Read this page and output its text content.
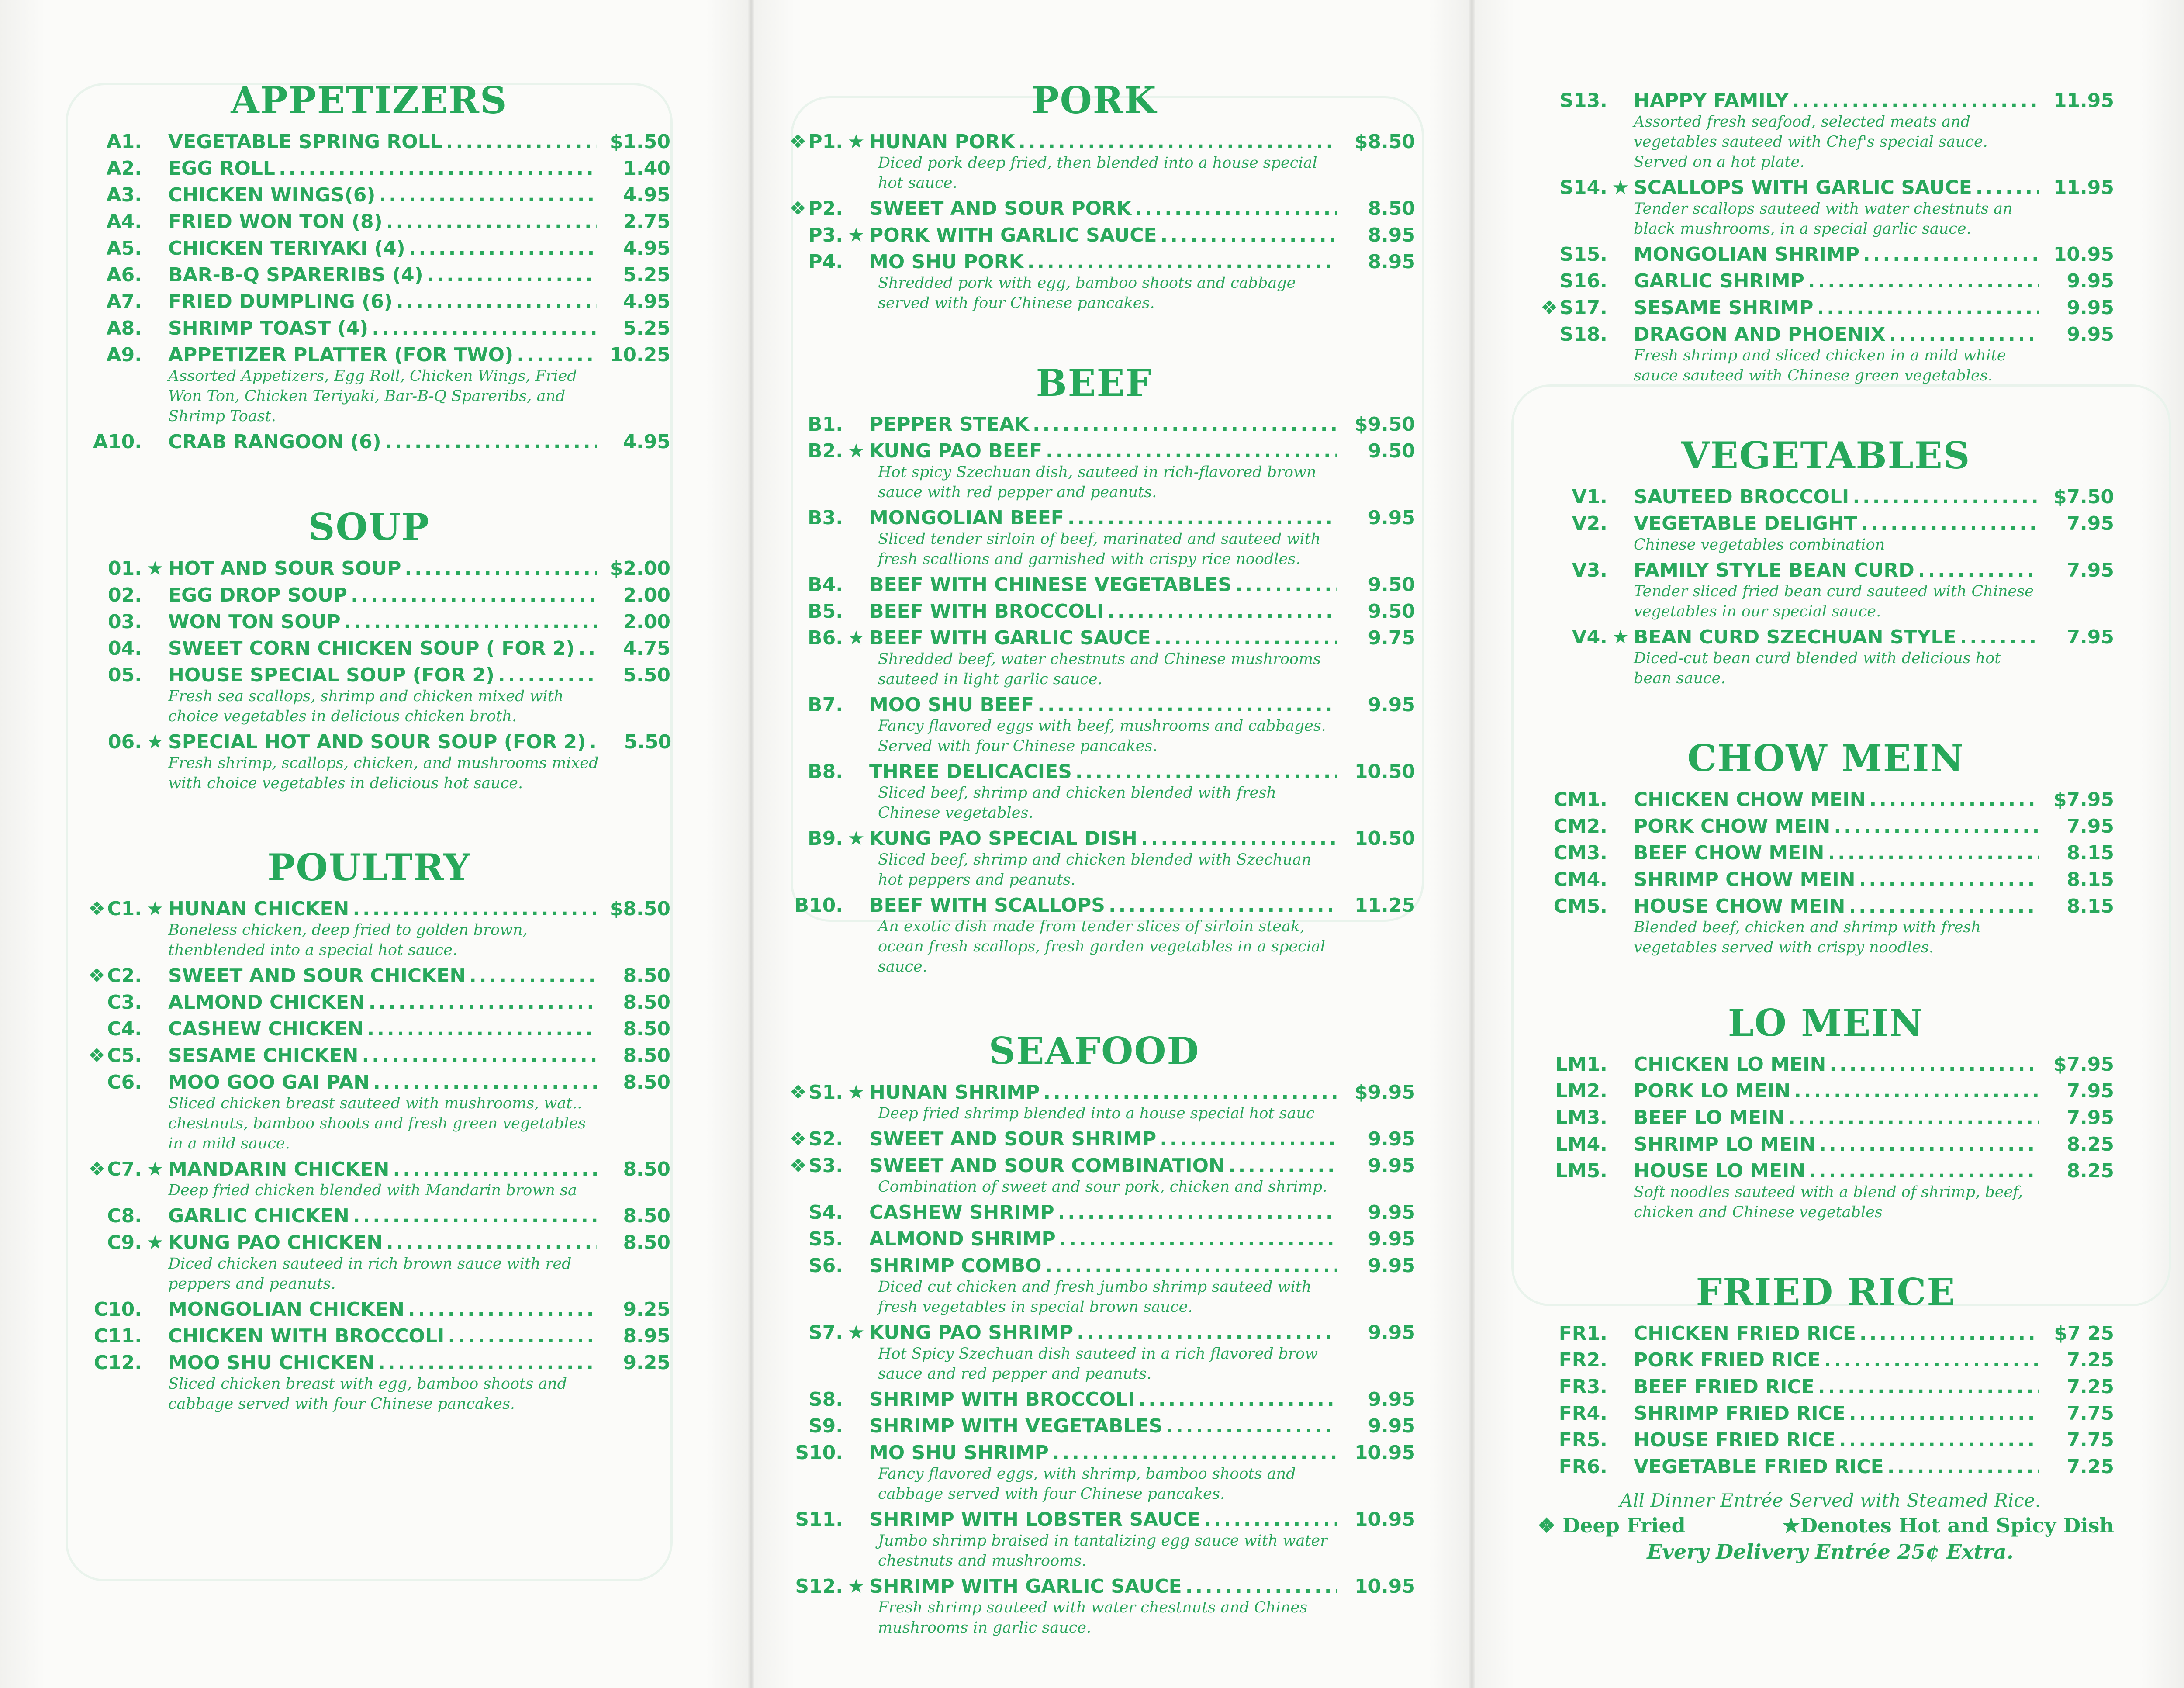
APPETIZERS
A1. VEGETABLE SPRING ROLL .....	$1.50
A2. EGG ROLL .....	1.40
A3. CHICKEN WINGS(6) .....	4.95
A4. FRIED WON TON (8) .....	2.75
A5. CHICKEN TERIYAKI (4) .....	4.95
A6. BAR-B-Q SPARERIBS (4) .....	5.25
A7. FRIED DUMPLING (6) .....	4.95
A8. SHRIMP TOAST (4) .....	5.25
A9. APPETIZER PLATTER (FOR TWO) .....	10.25
Assorted Appetizers, Egg Roll, Chicken Wings, Fried Won Ton, Chicken Teriyaki, Bar-B-Q Spareribs, and Shrimp Toast.
A10. CRAB RANGOON (6) .....	4.95
SOUP
01. ★ HOT AND SOUR SOUP .....	$2.00
02. EGG DROP SOUP .....	2.00
03. WON TON SOUP .....	2.00
04. SWEET CORN CHICKEN SOUP ( FOR 2) .....	4.75
05. HOUSE SPECIAL SOUP (FOR 2) .....	5.50
Fresh sea scallops, shrimp and chicken mixed with choice vegetables in delicious chicken broth.
06. ★ SPECIAL HOT AND SOUR SOUP (FOR 2) .....	5.50
Fresh shrimp, scallops, chicken, and mushrooms mixed with choice vegetables in delicious hot sauce.
POULTRY
❖C1. ★ HUNAN CHICKEN .....	$8.50
Boneless chicken, deep fried to golden brown, thenblended into a special hot sauce.
❖C2. SWEET AND SOUR CHICKEN .....	8.50
C3. ALMOND CHICKEN .....	8.50
C4. CASHEW CHICKEN .....	8.50
❖C5. SESAME CHICKEN .....	8.50
C6. MOO GOO GAI PAN .....	8.50
Sliced chicken breast sauteed with mushrooms, wat.. chestnuts, bamboo shoots and fresh green vegetables in a mild sauce.
❖C7. ★ MANDARIN CHICKEN .....	8.50
Deep fried chicken blended with Mandarin brown sa
C8. GARLIC CHICKEN .....	8.50
C9. ★ KUNG PAO CHICKEN .....	8.50
Diced chicken sauteed in rich brown sauce with red peppers and peanuts.
C10. MONGOLIAN CHICKEN .....	9.25
C11. CHICKEN WITH BROCCOLI .....	8.95
C12. MOO SHU CHICKEN .....	9.25
Sliced chicken breast with egg, bamboo shoots and cabbage served with four Chinese pancakes.
PORK
❖P1. ★ HUNAN PORK .....	$8.50
Diced pork deep fried, then blended into a house special hot sauce.
❖P2. SWEET AND SOUR PORK .....	8.50
P3. ★ PORK WITH GARLIC SAUCE .....	8.95
P4. MO SHU PORK .....	8.95
Shredded pork with egg, bamboo shoots and cabbage served with four Chinese pancakes.
BEEF
B1. PEPPER STEAK .....	$9.50
B2. ★ KUNG PAO BEEF .....	9.50
Hot spicy Szechuan dish, sauteed in rich-flavored brown sauce with red pepper and peanuts.
B3. MONGOLIAN BEEF .....	9.95
Sliced tender sirloin of beef, marinated and sauteed with fresh scallions and garnished with crispy rice noodles.
B4. BEEF WITH CHINESE VEGETABLES .....	9.50
B5. BEEF WITH BROCCOLI .....	9.50
B6. ★ BEEF WITH GARLIC SAUCE .....	9.75
Shredded beef, water chestnuts and Chinese mushrooms sauteed in light garlic sauce.
B7. MOO SHU BEEF .....	9.95
Fancy flavored eggs with beef, mushrooms and cabbages. Served with four Chinese pancakes.
B8. THREE DELICACIES .....	10.50
Sliced beef, shrimp and chicken blended with fresh Chinese vegetables.
B9. ★ KUNG PAO SPECIAL DISH .....	10.50
Sliced beef, shrimp and chicken blended with Szechuan hot peppers and peanuts.
B10. BEEF WITH SCALLOPS .....	11.25
An exotic dish made from tender slices of sirloin steak, ocean fresh scallops, fresh garden vegetables in a special sauce.
SEAFOOD
❖S1. ★ HUNAN SHRIMP .....	$9.95
Deep fried shrimp blended into a house special hot sauc
❖S2. SWEET AND SOUR SHRIMP .....	9.95
❖S3. SWEET AND SOUR COMBINATION .....	9.95
Combination of sweet and sour pork, chicken and shrimp.
S4. CASHEW SHRIMP .....	9.95
S5. ALMOND SHRIMP .....	9.95
S6. SHRIMP COMBO .....	9.95
Diced cut chicken and fresh jumbo shrimp sauteed with fresh vegetables in special brown sauce.
S7. ★ KUNG PAO SHRIMP .....	9.95
Hot Spicy Szechuan dish sauteed in a rich flavored brow sauce and red pepper and peanuts.
S8. SHRIMP WITH BROCCOLI .....	9.95
S9. SHRIMP WITH VEGETABLES .....	9.95
S10. MO SHU SHRIMP .....	10.95
Fancy flavored eggs, with shrimp, bamboo shoots and cabbage served with four Chinese pancakes.
S11. SHRIMP WITH LOBSTER SAUCE .....	10.95
Jumbo shrimp braised in tantalizing egg sauce with water chestnuts and mushrooms.
S12. ★ SHRIMP WITH GARLIC SAUCE .....	10.95
Fresh shrimp sauteed with water chestnuts and Chines mushrooms in garlic sauce.
S13. HAPPY FAMILY .....	11.95
Assorted fresh seafood, selected meats and vegetables sauteed with Chef's special sauce. Served on a hot plate.
S14. ★ SCALLOPS WITH GARLIC SAUCE .....	11.95
Tender scallops sauteed with water chestnuts an black mushrooms, in a special garlic sauce.
S15. MONGOLIAN SHRIMP .....	10.95
S16. GARLIC SHRIMP .....	9.95
❖S17. SESAME SHRIMP .....	9.95
S18. DRAGON AND PHOENIX .....	9.95
Fresh shrimp and sliced chicken in a mild white sauce sauteed with Chinese green vegetables.
VEGETABLES
V1. SAUTEED BROCCOLI .....	$7.50
V2. VEGETABLE DELIGHT .....	7.95
Chinese vegetables combination
V3. FAMILY STYLE BEAN CURD .....	7.95
Tender sliced fried bean curd sauteed with Chinese vegetables in our special sauce.
V4. ★ BEAN CURD SZECHUAN STYLE .....	7.95
Diced-cut bean curd blended with delicious hot bean sauce.
CHOW MEIN
CM1. CHICKEN CHOW MEIN .....	$7.95
CM2. PORK CHOW MEIN .....	7.95
CM3. BEEF CHOW MEIN .....	8.15
CM4. SHRIMP CHOW MEIN .....	8.15
CM5. HOUSE CHOW MEIN .....	8.15
Blended beef, chicken and shrimp with fresh vegetables served with crispy noodles.
LO MEIN
LM1. CHICKEN LO MEIN .....	$7.95
LM2. PORK LO MEIN .....	7.95
LM3. BEEF LO MEIN .....	7.95
LM4. SHRIMP LO MEIN .....	8.25
LM5. HOUSE LO MEIN .....	8.25
Soft noodles sauteed with a blend of shrimp, beef, chicken and Chinese vegetables
FRIED RICE
FR1. CHICKEN FRIED RICE .....	$7 25
FR2. PORK FRIED RICE .....	7.25
FR3. BEEF FRIED RICE .....	7.25
FR4. SHRIMP FRIED RICE .....	7.75
FR5. HOUSE FRIED RICE .....	7.75
FR6. VEGETABLE FRIED RICE .....	7.25
All Dinner Entrée Served with Steamed Rice.
❖ Deep Fried	★Denotes Hot and Spicy Dish
Every Delivery Entrée 25¢ Extra.
